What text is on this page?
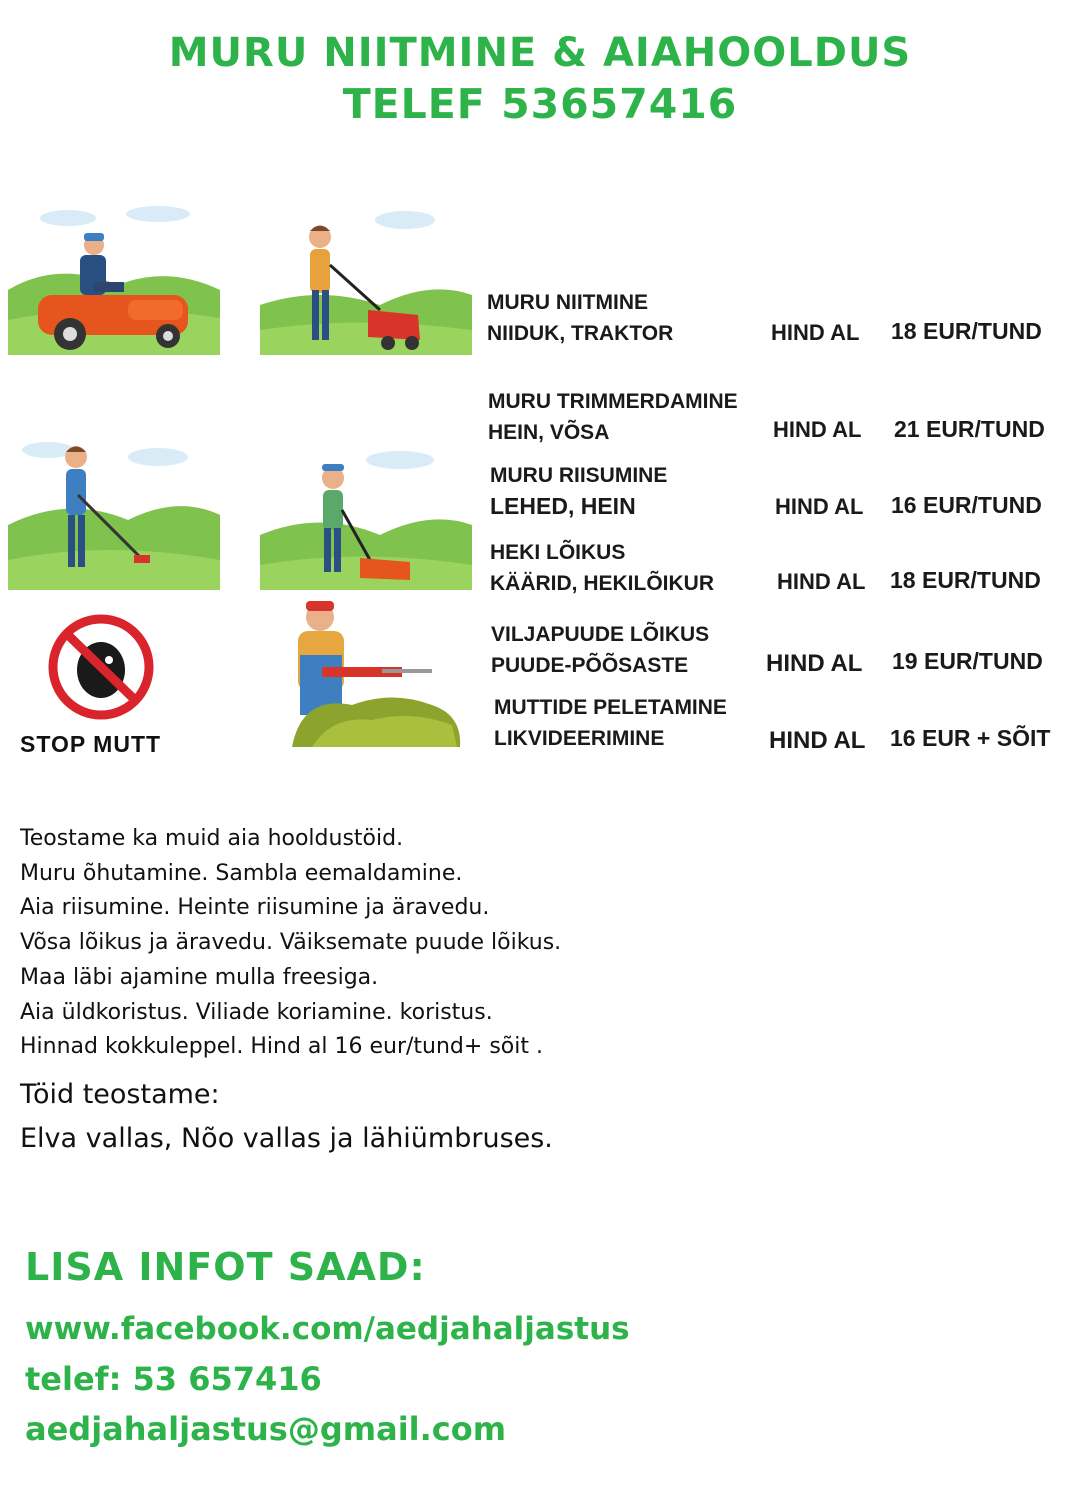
MURU NIITMINE & AIAHOOLDUS
TELEF 53657416
STOP MUTT
MURU NIITMINE
NIIDUK, TRAKTOR	HIND AL 18 EUR/TUND
MURU TRIMMERDAMINE
HEIN, VÕSA	HIND AL 21 EUR/TUND
MURU RIISUMINE
LEHED, HEIN	HIND AL 16 EUR/TUND
HEKI LÕIKUS
KÄÄRID, HEKILÕIKUR	HIND AL 18 EUR/TUND
VILJAPUUDE LÕIKUS
PUUDE-PÕÕSASTE	HIND AL 19 EUR/TUND
MUTTIDE PELETAMINE
LIKVIDEERIMINE	HIND AL 16 EUR + SÕIT
Teostame ka muid aia hooldustöid.
Muru õhutamine. Sambla eemaldamine.
Aia riisumine. Heinte riisumine ja äravedu.
Võsa lõikus ja äravedu. Väiksemate puude lõikus.
Maa läbi ajamine mulla freesiga.
Aia üldkoristus. Viliade koriamine. koristus.
Hinnad kokkuleppel. Hind al 16 eur/tund+ sõit .
Töid teostame:
Elva vallas, Nõo vallas ja lähiümbruses.
LISA INFOT SAAD:
www.facebook.com/aedjahaljastus
telef: 53 657416
aedjahaljastus@gmail.com
